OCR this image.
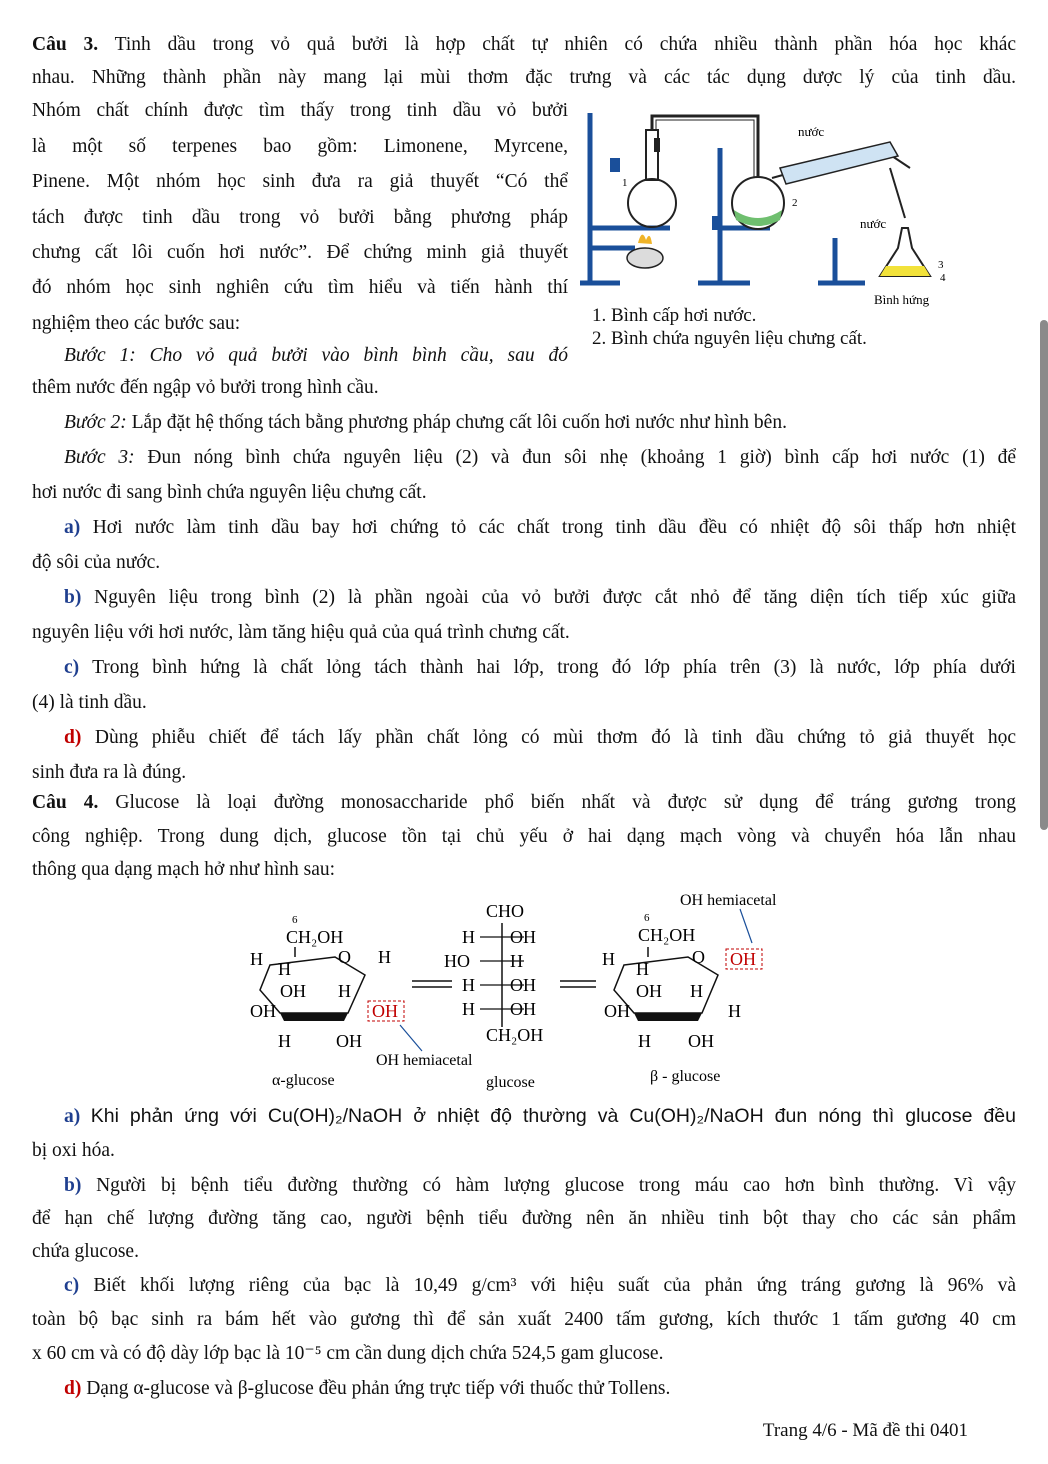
Câu 3. Tinh dầu trong vỏ quả bưởi là hợp chất tự nhiên có chứa nhiều thành phần hóa học khác
nhau. Những thành phần này mang lại mùi thơm đặc trưng và các tác dụng dược lý của tinh dầu.
Nhóm chất chính được tìm thấy trong tinh dầu vỏ bưởi
là một số terpenes bao gồm: Limonene, Myrcene,
Pinene. Một nhóm học sinh đưa ra giả thuyết “Có thể
tách được tinh dầu trong vỏ bưởi bằng phương pháp
chưng cất lôi cuốn hơi nước”. Để chứng minh giả thuyết
đó nhóm học sinh nghiên cứu tìm hiểu và tiến hành thí
nghiệm theo các bước sau:
Bước 1: Cho vỏ quả bưởi vào bình bình cầu, sau đó
thêm nước đến ngập vỏ bưởi trong hình cầu.
Bước 2: Lắp đặt hệ thống tách bằng phương pháp chưng cất lôi cuốn hơi nước như hình bên.
Bước 3: Đun nóng bình chứa nguyên liệu (2) và đun sôi nhẹ (khoảng 1 giờ) bình cấp hơi nước (1) để
hơi nước đi sang bình chứa nguyên liệu chưng cất.
a) Hơi nước làm tinh dầu bay hơi chứng tỏ các chất trong tinh dầu đều có nhiệt độ sôi thấp hơn nhiệt
độ sôi của nước.
b) Nguyên liệu trong bình (2) là phần ngoài của vỏ bưởi được cắt nhỏ để tăng diện tích tiếp xúc giữa
nguyên liệu với hơi nước, làm tăng hiệu quả của quá trình chưng cất.
c) Trong bình hứng là chất lỏng tách thành hai lớp, trong đó lớp phía trên (3) là nước, lớp phía dưới
(4) là tinh dầu.
d) Dùng phiễu chiết để tách lấy phần chất lỏng có mùi thơm đó là tinh dầu chứng tỏ giả thuyết học
sinh đưa ra là đúng.
nước
nước
Bình hứng
1
2
3
4
1. Bình cấp hơi nước.
2. Bình chứa nguyên liệu chưng cất.
Câu 4. Glucose là loại đường monosaccharide phổ biến nhất và được sử dụng để tráng gương trong
công nghiệp. Trong dung dịch, glucose tồn tại chủ yếu ở hai dạng mạch vòng và chuyển hóa lẫn nhau
thông qua dạng mạch hở như hình sau:
CH₂OH
6
H	O H
H
OH H
OH	OH
H	OH
CHO
H OH
HO H
H OH
H OH
CH₂OH
CH₂OH
6
H	O OH
H
OH H
OH	H
H OH
OH hemiacetal
OH hemiacetal
α-glucose	glucose	β - glucose
a) Khi phản ứng với Cu(OH)₂/NaOH ở nhiệt độ thường và Cu(OH)₂/NaOH đun nóng thì glucose đều
bị oxi hóa.
b) Người bị bệnh tiểu đường thường có hàm lượng glucose trong máu cao hơn bình thường. Vì vậy
để hạn chế lượng đường tăng cao, người bệnh tiểu đường nên ăn nhiều tinh bột thay cho các sản phẩm
chứa glucose.
c) Biết khối lượng riêng của bạc là 10,49 g/cm³ với hiệu suất của phản ứng tráng gương là 96% và
toàn bộ bạc sinh ra bám hết vào gương thì để sản xuất 2400 tấm gương, kích thước 1 tấm gương 40 cm
x 60 cm và có độ dày lớp bạc là 10⁻⁵ cm cần dung dịch chứa 524,5 gam glucose.
d) Dạng α-glucose và β-glucose đều phản ứng trực tiếp với thuốc thử Tollens.
Trang 4/6 - Mã đề thi 0401
